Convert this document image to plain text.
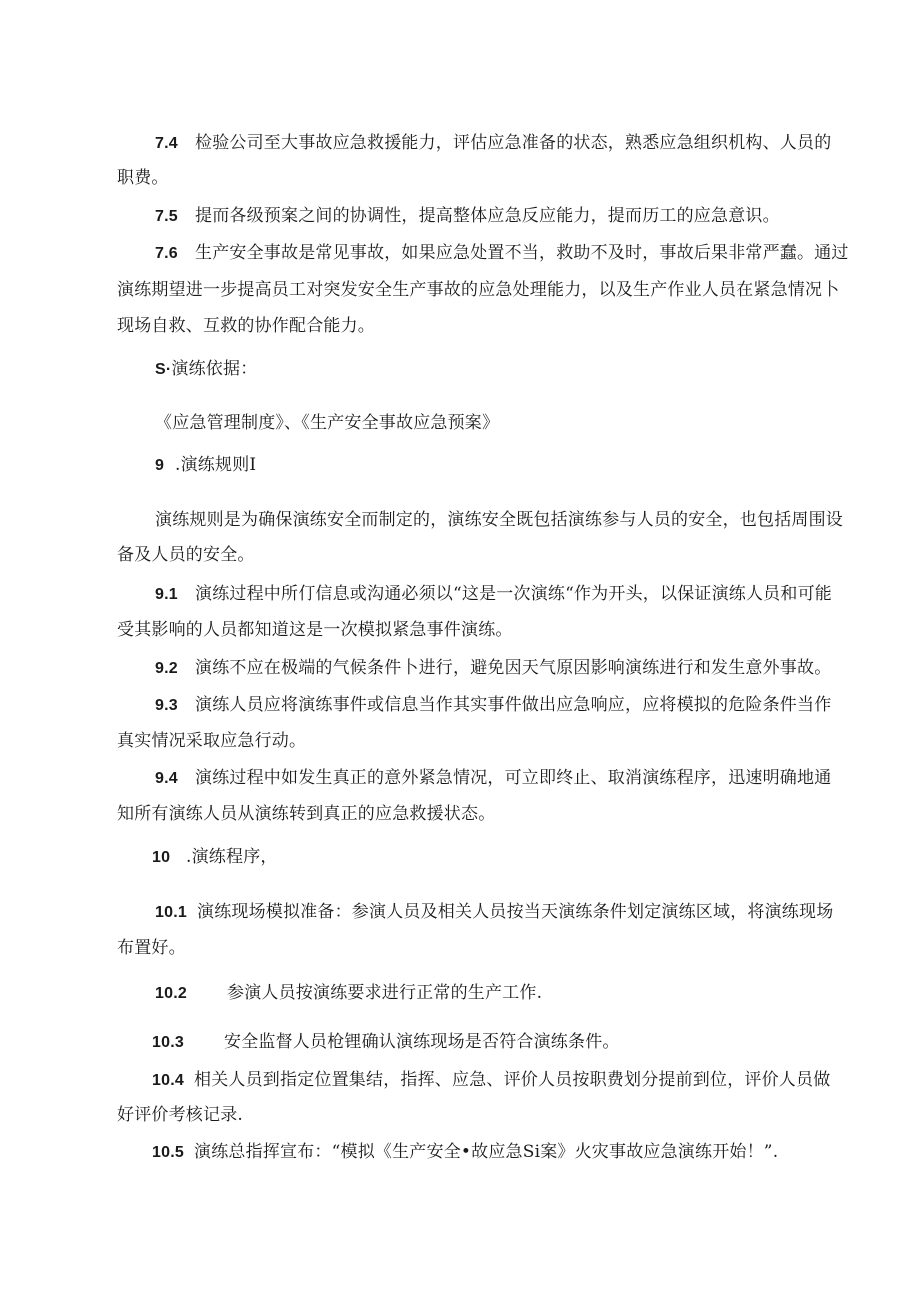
7.4 检验公司至大事故应急救援能力，评估应急准备的状态，熟悉应急组织机构、人员的
职费。
7.5 提而各级预案之间的协调性，提高整体应急反应能力，提而历工的应急意识。
7.6 生产安全事故是常见事故，如果应急处置不当，救助不及时，事故后果非常严蠢。通过
演练期望进一步提高员工对突发安全生产事故的应急处理能力，以及生产作业人员在紧急情况卜
现场自救、互救的协作配合能力。
S·演练依据：
《应急管理制度》、《生产安全事故应急预案》
9 .演练规则I
演练规则是为确保演练安全而制定的，演练安全既包括演练参与人员的安全，也包括周围设
备及人员的安全。
9.1 演练过程中所仃信息或沟通必须以“这是一次演练“作为开头，以保证演练人员和可能
受其影响的人员都知道这是一次模拟紧急事件演练。
9.2 演练不应在极端的气候条件卜进行，避免因天气原因影响演练进行和发生意外事故。
9.3 演练人员应将演练事件或信息当作其实事件做出应急响应，应将模拟的危险条件当作
真实情况采取应急行动。
9.4 演练过程中如发生真正的意外紧急情况，可立即终止、取消演练程序，迅速明确地通
知所有演练人员从演练转到真正的应急救援状态。
10 .演练程序，
10.1 演练现场模拟准备：参演人员及相关人员按当天演练条件划定演练区域，将演练现场
布置好。
10.2 参演人员按演练要求进行正常的生产工作.
10.3 安全监督人员枪锂确认演练现场是否符合演练条件。
10.4 相关人员到指定位置集结，指挥、应急、评价人员按职费划分提前到位，评价人员做
好评价考核记录.
10.5 演练总指挥宣布：“模拟《生产安全•故应急Si案》火灾事故应急演练开始！”.
